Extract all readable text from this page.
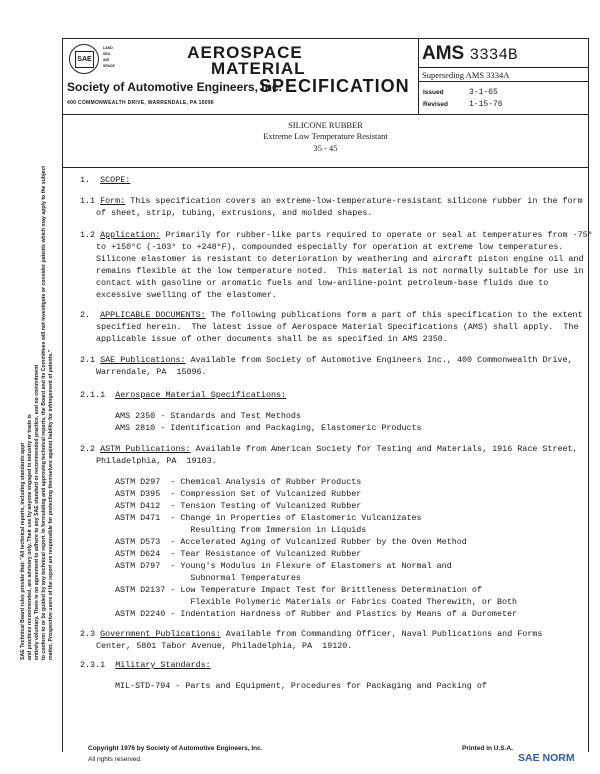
SAE
LAND
SEA
AIR
SPACE
AEROSPACE
MATERIAL
Society of Automotive Engineers, Inc.
SPECIFICATION
400 COMMONWEALTH DRIVE, WARRENDALE, PA 15096
AMS 3334B
Superseding AMS 3334A
Issued	3-1-65
Revised	1-15-76
SILICONE RUBBER
Extreme Low Temperature Resistant
35 - 45
1. SCOPE:
1.1 Form: This specification covers an extreme-low-temperature-resistant silicone rubber in the form
of sheet, strip, tubing, extrusions, and molded shapes.
1.2 Application: Primarily for rubber-like parts required to operate or seal at temperatures from -75°
to +150°C (-103° to +248°F), compounded especially for operation at extreme low temperatures.
Silicone elastomer is resistant to deterioration by weathering and aircraft piston engine oil and
remains flexible at the low temperature noted.  This material is not normally suitable for use in
contact with gasoline or aromatic fuels and low-aniline-point petroleum-base fluids due to
excessive swelling of the elastomer.
2. APPLICABLE DOCUMENTS: The following publications form a part of this specification to the extent
specified herein.  The latest issue of Aerospace Material Specifications (AMS) shall apply.  The
applicable issue of other documents shall be as specified in AMS 2350.
2.1 SAE Publications: Available from Society of Automotive Engineers Inc., 400 Commonwealth Drive,
Warrendale, PA  15096.
2.1.1 Aerospace Material Specifications:
AMS 2350 - Standards and Test Methods
AMS 2810 - Identification and Packaging, Elastomeric Products
2.2 ASTM Publications: Available from American Society for Testing and Materials, 1916 Race Street,
Philadelphia, PA  19103.
ASTM D297  - Chemical Analysis of Rubber Products
ASTM D395  - Compression Set of Vulcanized Rubber
ASTM D412  - Tension Testing of Vulcanized Rubber
ASTM D471  - Change in Properties of Elastomeric Vulcanizates
Resulting from Immersion in Liquids
ASTM D573  - Accelerated Aging of Vulcanized Rubber by the Oven Method
ASTM D624  - Tear Resistance of Vulcanized Rubber
ASTM D797  - Young's Modulus in Flexure of Elastomers at Normal and
Subnormal Temperatures
ASTM D2137 - Low Temperature Impact Test for Brittleness Determination of
Flexible Polymeric Materials or Fabrics Coated Therewith, or Both
ASTM D2240 - Indentation Hardness of Rubber and Plastics by Means of a Durometer
2.3 Government Publications: Available from Commanding Officer, Naval Publications and Forms
Center, 5801 Tabor Avenue, Philadelphia, PA  19120.
2.3.1 Military Standards:
MIL-STD-794 - Parts and Equipment, Procedures for Packaging and Packing of
SAE Technical Board rules provide that: "All technical reports, including standards appr and practices recommended, are advisory only. Their use by anyone engaged in industry or trade is entirely voluntary. There is no agreement to adhere to any SAE standard or recommended practice, and no commitment to conform to or be guided by any technical report. In formulating and approving technical reports, the Board and its Committees will not investigate or consider patents which may apply to the subject matter. Prospective users of the report are responsible for protecting themselves against liability for infringement of patents."
Copyright 1976 by Society of Automotive Engineers, Inc.
All rights reserved.
Printed in U.S.A.
SAE NORM
